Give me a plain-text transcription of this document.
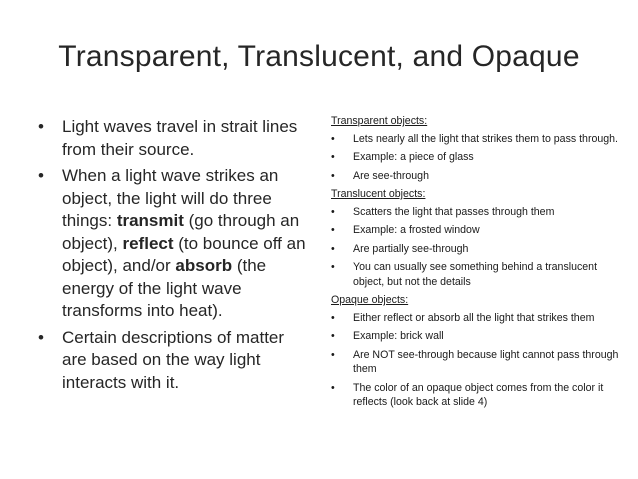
Transparent, Translucent, and Opaque
• Light waves travel in strait lines from their source.
• When a light wave strikes an object, the light will do three things: transmit (go through an object), reflect (to bounce off an object), and/or absorb (the energy of the light wave transforms into heat).
• Certain descriptions of matter are based on the way light interacts with it.
Transparent objects:
• Lets nearly all the light that strikes them to pass through.
• Example: a piece of glass
• Are see-through
Translucent objects:
• Scatters the light that passes through them
• Example: a frosted window
• Are partially see-through
• You can usually see something behind a translucent object, but not the details
Opaque objects:
• Either reflect or absorb all the light that strikes them
• Example: brick wall
• Are NOT see-through because light cannot pass through them
• The color of an opaque object comes from the color it reflects (look back at slide 4)
